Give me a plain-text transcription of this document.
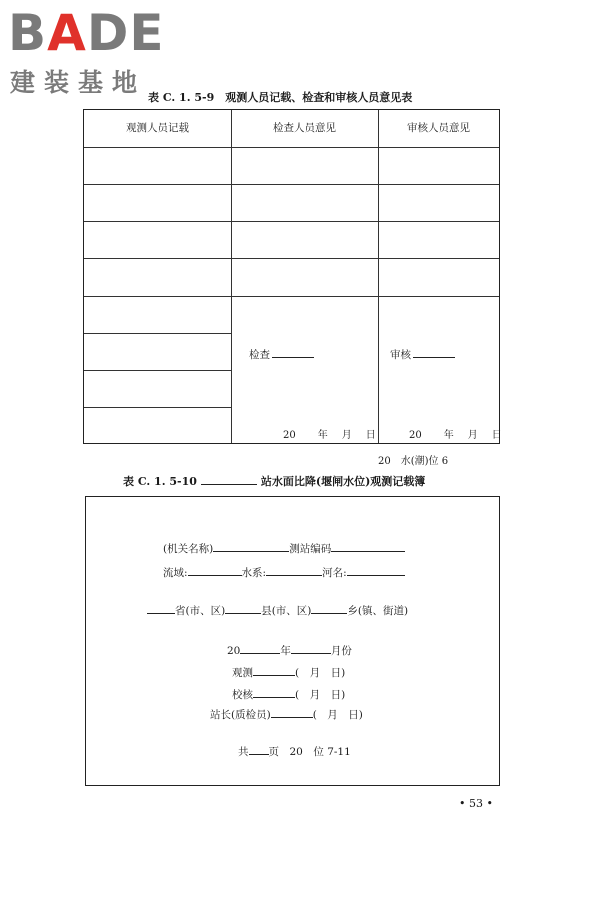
BADE
建装基地
表 C. 1. 5-9　观测人员记载、检查和审核人员意见表
观测人员记载	检查人员意见	审核人员意见
检查	审核
20 年 月 日	20 年 月 日
20　水(潮)位 6
表 C. 1. 5-10	站水面比降(堰闸水位)观测记载簿
(机关名称)	测站编码
流域:	水系:	河名:
省(市、区)	县(市、区)	乡(镇、街道)
20	年	月份
观测	(　月　日)
校核	(　月　日)
站长(质检员)	(　月　日)
共 页　20　位 7-11
• 53 •
